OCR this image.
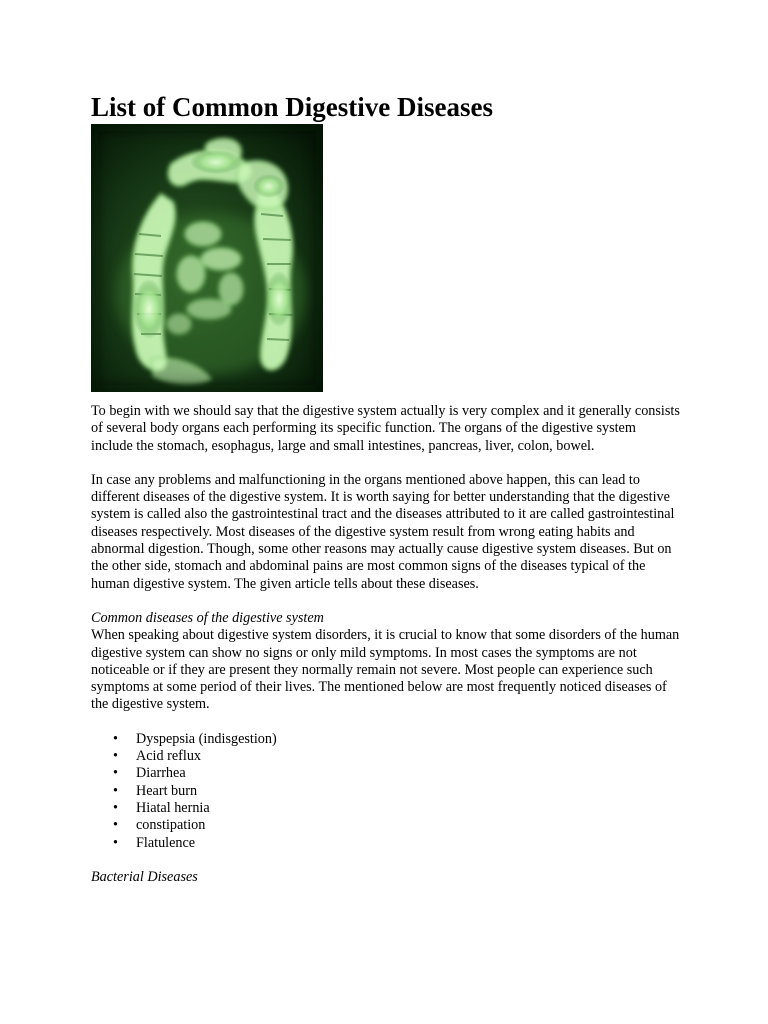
List of Common Digestive Diseases

To begin with we should say that the digestive system actually is very complex and it generally consists of several body organs each performing its specific function. The organs of the digestive system include the stomach, esophagus, large and small intestines, pancreas, liver, colon, bowel.

In case any problems and malfunctioning in the organs mentioned above happen, this can lead to different diseases of the digestive system. It is worth saying for better understanding that the digestive system is called also the gastrointestinal tract and the diseases attributed to it are called gastrointestinal diseases respectively. Most diseases of the digestive system result from wrong eating habits and abnormal digestion. Though, some other reasons may actually cause digestive system diseases. But on the other side, stomach and abdominal pains are most common signs of the diseases typical of the human digestive system. The given article tells about these diseases.

Common diseases of the digestive system

When speaking about digestive system disorders, it is crucial to know that some disorders of the human digestive system can show no signs or only mild symptoms. In most cases the symptoms are not noticeable or if they are present they normally remain not severe. Most people can experience such symptoms at some period of their lives. The mentioned below are most frequently noticed diseases of the digestive system.

• Dyspepsia (indisgestion)
• Acid reflux
• Diarrhea
• Heart burn
• Hiatal hernia
• constipation
• Flatulence
Bacterial Diseases
